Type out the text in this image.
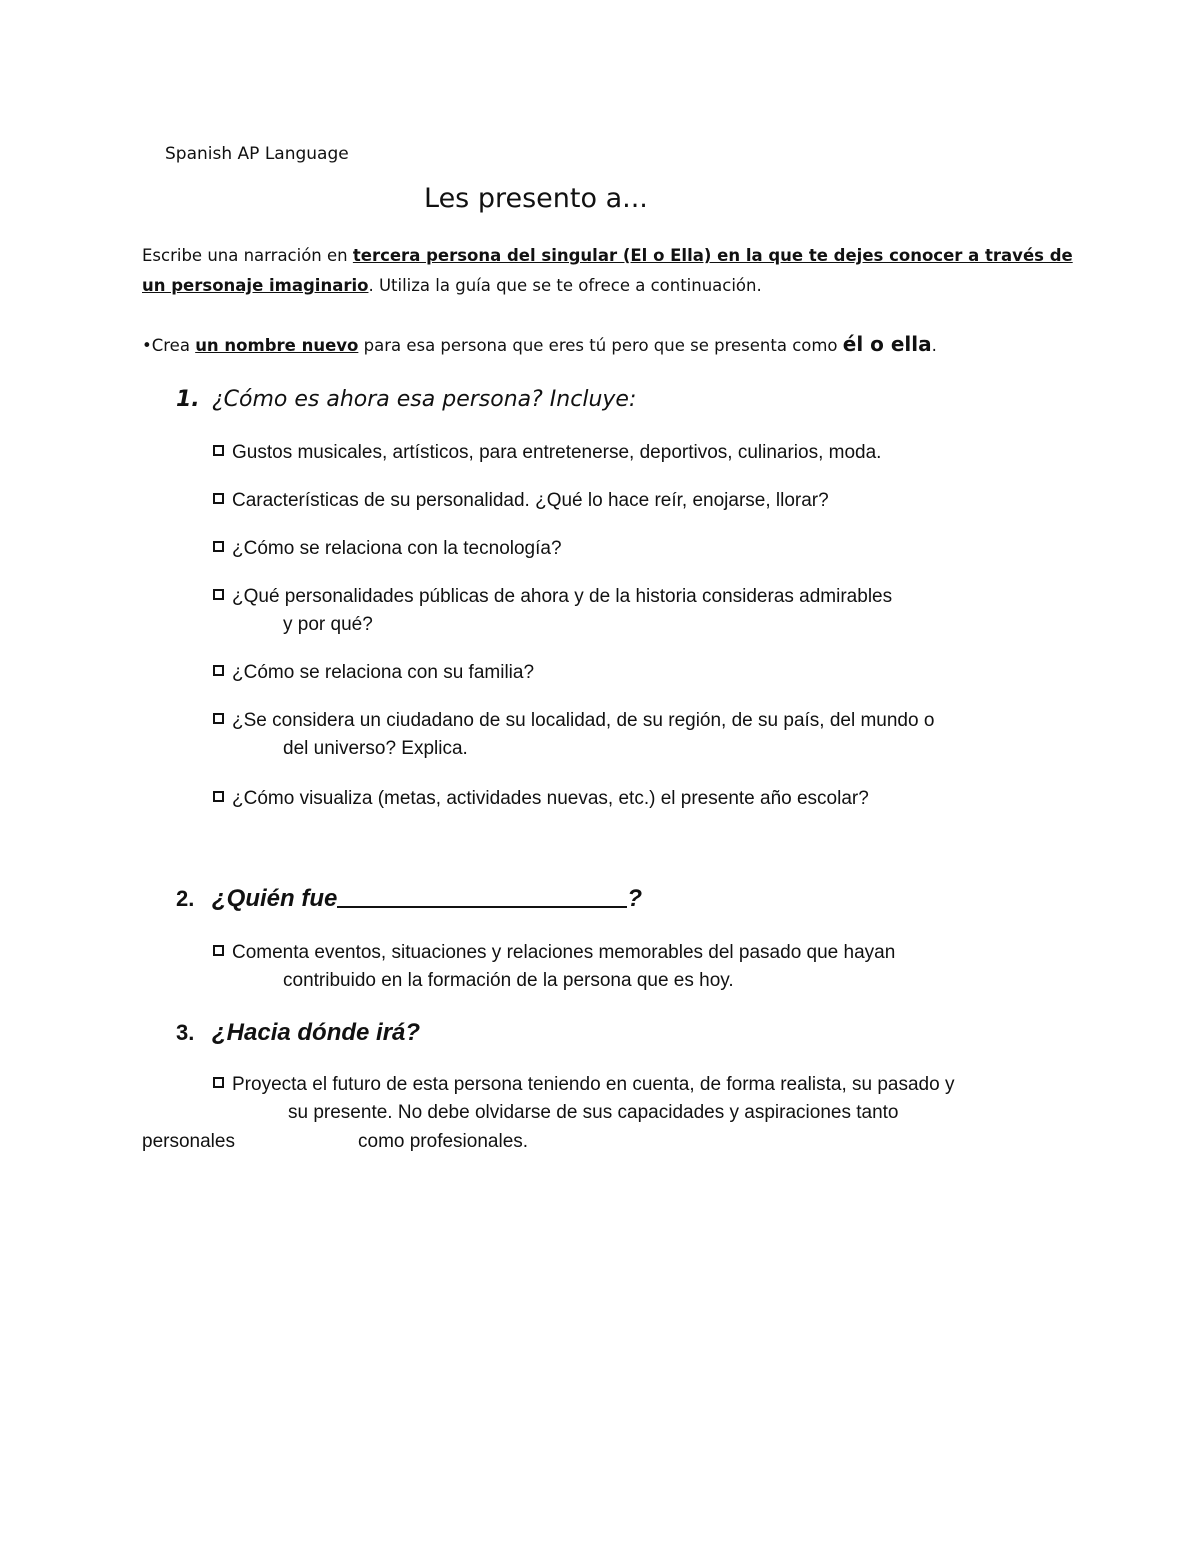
Spanish AP Language
Les presento a...
Escribe una narración en tercera persona del singular (El o Ella) en la que te dejes conocer a través de
un personaje imaginario. Utiliza la guía que se te ofrece a continuación.
•Crea un nombre nuevo para esa persona que eres tú pero que se presenta como él o ella.
1. ¿Cómo es ahora esa persona? Incluye:
Gustos musicales, artísticos, para entretenerse, deportivos, culinarios, moda.
Características de su personalidad. ¿Qué lo hace reír, enojarse, llorar?
¿Cómo se relaciona con la tecnología?
¿Qué personalidades públicas de ahora y de la historia consideras admirables
y por qué?
¿Cómo se relaciona con su familia?
¿Se considera un ciudadano de su localidad, de su región, de su país, del mundo o
del universo? Explica.
¿Cómo visualiza (metas, actividades nuevas, etc.) el presente año escolar?
2. ¿Quién fue	?
Comenta eventos, situaciones y relaciones memorables del pasado que hayan
contribuido en la formación de la persona que es hoy.
3. ¿Hacia dónde irá?
Proyecta el futuro de esta persona teniendo en cuenta, de forma realista, su pasado y
su presente. No debe olvidarse de sus capacidades y aspiraciones tanto
personales	como profesionales.
